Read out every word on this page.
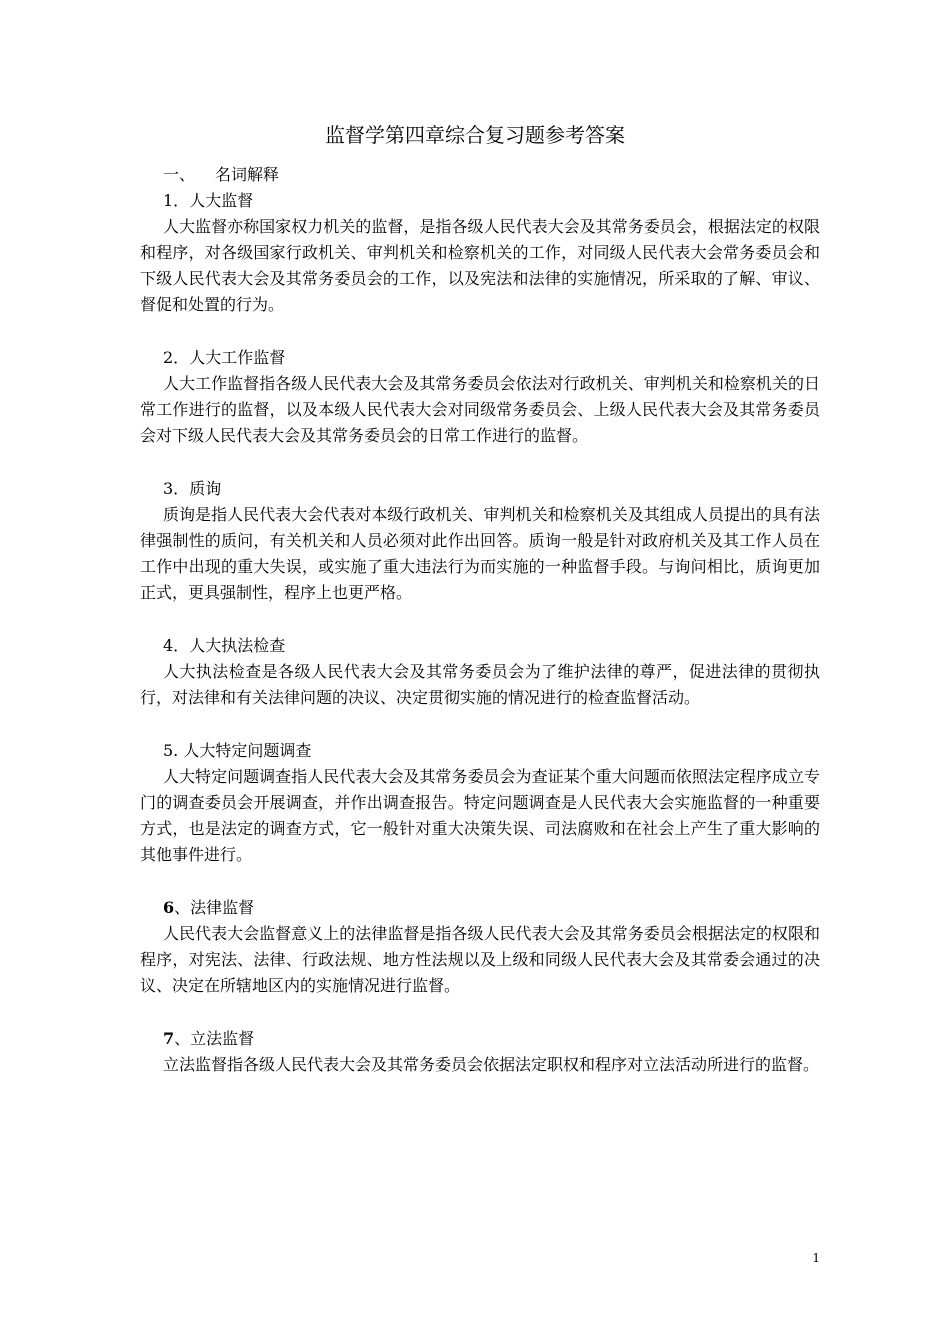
监督学第四章综合复习题参考答案

一、 名词解释

1．人大监督

人大监督亦称国家权力机关的监督，是指各级人民代表大会及其常务委员会，根据法定的权限和程序，对各级国家行政机关、审判机关和检察机关的工作，对同级人民代表大会常务委员会和下级人民代表大会及其常务委员会的工作，以及宪法和法律的实施情况，所采取的了解、审议、督促和处置的行为。

2．人大工作监督

人大工作监督指各级人民代表大会及其常务委员会依法对行政机关、审判机关和检察机关的日常工作进行的监督，以及本级人民代表大会对同级常务委员会、上级人民代表大会及其常务委员会对下级人民代表大会及其常务委员会的日常工作进行的监督。

3．质询

质询是指人民代表大会代表对本级行政机关、审判机关和检察机关及其组成人员提出的具有法律强制性的质问，有关机关和人员必须对此作出回答。质询一般是针对政府机关及其工作人员在工作中出现的重大失误，或实施了重大违法行为而实施的一种监督手段。与询问相比，质询更加正式，更具强制性，程序上也更严格。

4．人大执法检查

人大执法检查是各级人民代表大会及其常务委员会为了维护法律的尊严，促进法律的贯彻执行，对法律和有关法律问题的决议、决定贯彻实施的情况进行的检查监督活动。

5. 人大特定问题调查

人大特定问题调查指人民代表大会及其常务委员会为查证某个重大问题而依照法定程序成立专门的调查委员会开展调查，并作出调查报告。特定问题调查是人民代表大会实施监督的一种重要方式，也是法定的调查方式，它一般针对重大决策失误、司法腐败和在社会上产生了重大影响的其他事件进行。

6、法律监督

人民代表大会监督意义上的法律监督是指各级人民代表大会及其常务委员会根据法定的权限和程序，对宪法、法律、行政法规、地方性法规以及上级和同级人民代表大会及其常委会通过的决议、决定在所辖地区内的实施情况进行监督。

7、立法监督

立法监督指各级人民代表大会及其常务委员会依据法定职权和程序对立法活动所进行的监督。

1
